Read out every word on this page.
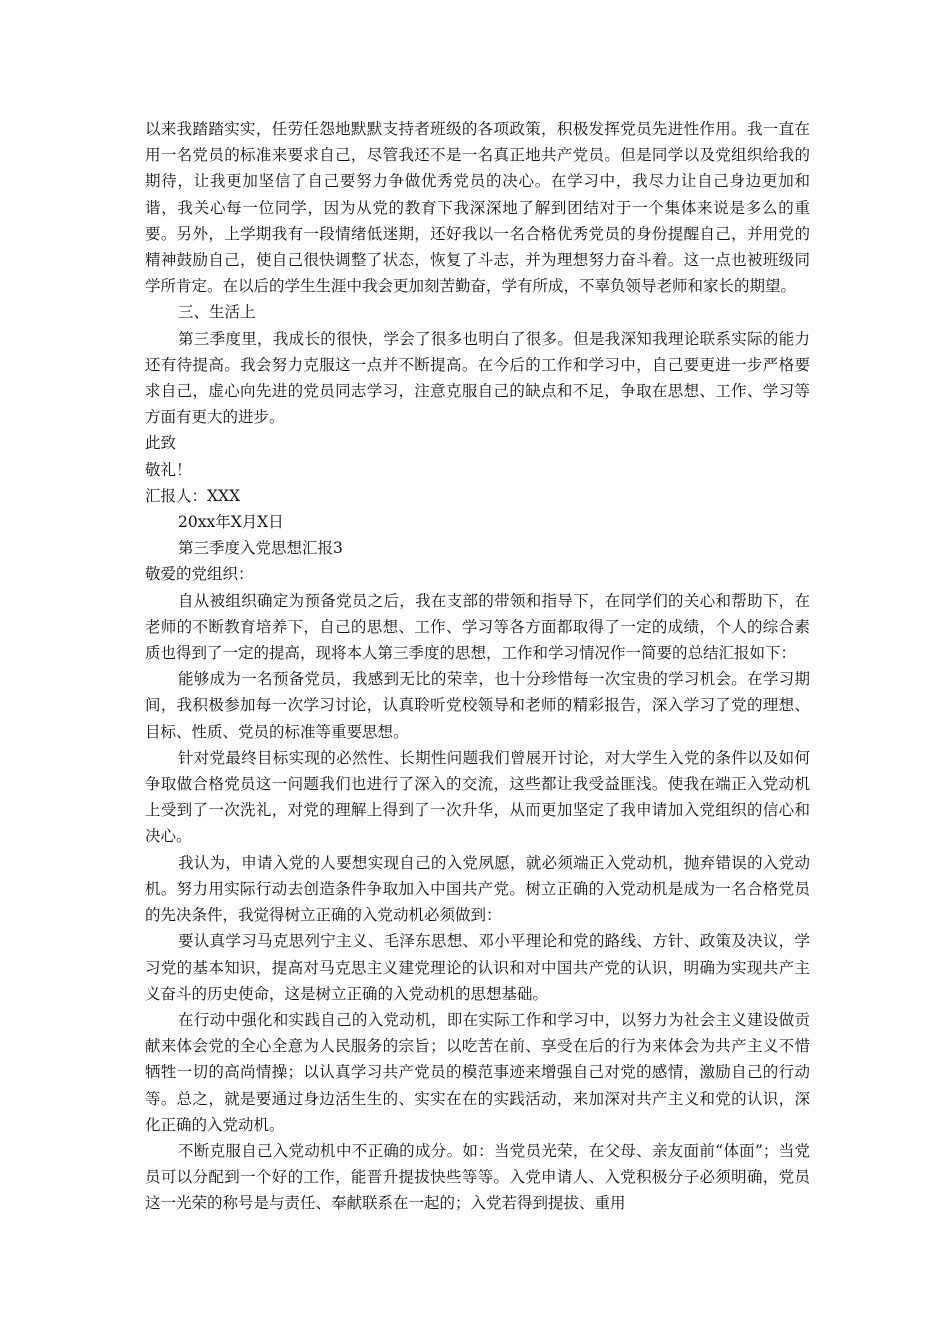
以来我踏踏实实，任劳任怨地默默支持者班级的各项政策，积极发挥党员先进性作用。我一直在用一名党员的标准来要求自己，尽管我还不是一名真正地共产党员。但是同学以及党组织给我的期待，让我更加坚信了自己要努力争做优秀党员的决心。在学习中，我尽力让自己身边更加和谐，我关心每一位同学，因为从党的教育下我深深地了解到团结对于一个集体来说是多么的重要。另外，上学期我有一段情绪低迷期，还好我以一名合格优秀党员的身份提醒自己，并用党的精神鼓励自己，使自己很快调整了状态，恢复了斗志，并为理想努力奋斗着。这一点也被班级同学所肯定。在以后的学生生涯中我会更加刻苦勤奋，学有所成，不辜负领导老师和家长的期望。

三、生活上

第三季度里，我成长的很快，学会了很多也明白了很多。但是我深知我理论联系实际的能力还有待提高。我会努力克服这一点并不断提高。在今后的工作和学习中，自己要更进一步严格要求自己，虚心向先进的党员同志学习，注意克服自己的缺点和不足，争取在思想、工作、学习等方面有更大的进步。

此致

敬礼！

汇报人：XXX

20xx年X月X日

第三季度入党思想汇报3

敬爱的党组织：

自从被组织确定为预备党员之后，我在支部的带领和指导下，在同学们的关心和帮助下，在老师的不断教育培养下，自己的思想、工作、学习等各方面都取得了一定的成绩，个人的综合素质也得到了一定的提高，现将本人第三季度的思想，工作和学习情况作一简要的总结汇报如下：

能够成为一名预备党员，我感到无比的荣幸，也十分珍惜每一次宝贵的学习机会。在学习期间，我积极参加每一次学习讨论，认真聆听党校领导和老师的精彩报告，深入学习了党的理想、目标、性质、党员的标准等重要思想。

针对党最终目标实现的必然性、长期性问题我们曾展开讨论，对大学生入党的条件以及如何争取做合格党员这一问题我们也进行了深入的交流，这些都让我受益匪浅。使我在端正入党动机上受到了一次洗礼，对党的理解上得到了一次升华，从而更加坚定了我申请加入党组织的信心和决心。

我认为，申请入党的人要想实现自己的入党夙愿，就必须端正入党动机，抛弃错误的入党动机。努力用实际行动去创造条件争取加入中国共产党。树立正确的入党动机是成为一名合格党员的先决条件，我觉得树立正确的入党动机必须做到：

要认真学习马克思列宁主义、毛泽东思想、邓小平理论和党的路线、方针、政策及决议，学习党的基本知识，提高对马克思主义建党理论的认识和对中国共产党的认识，明确为实现共产主义奋斗的历史使命，这是树立正确的入党动机的思想基础。

在行动中强化和实践自己的入党动机，即在实际工作和学习中，以努力为社会主义建设做贡献来体会党的全心全意为人民服务的宗旨；以吃苦在前、享受在后的行为来体会为共产主义不惜牺牲一切的高尚情操；以认真学习共产党员的模范事迹来增强自己对党的感情，激励自己的行动等。总之，就是要通过身边活生生的、实实在在的实践活动，来加深对共产主义和党的认识，深化正确的入党动机。

不断克服自己入党动机中不正确的成分。如：当党员光荣，在父母、亲友面前“体面”；当党员可以分配到一个好的工作，能晋升提拔快些等等。入党申请人、入党积极分子必须明确，党员这一光荣的称号是与责任、奉献联系在一起的；入党若得到提拔、重用
